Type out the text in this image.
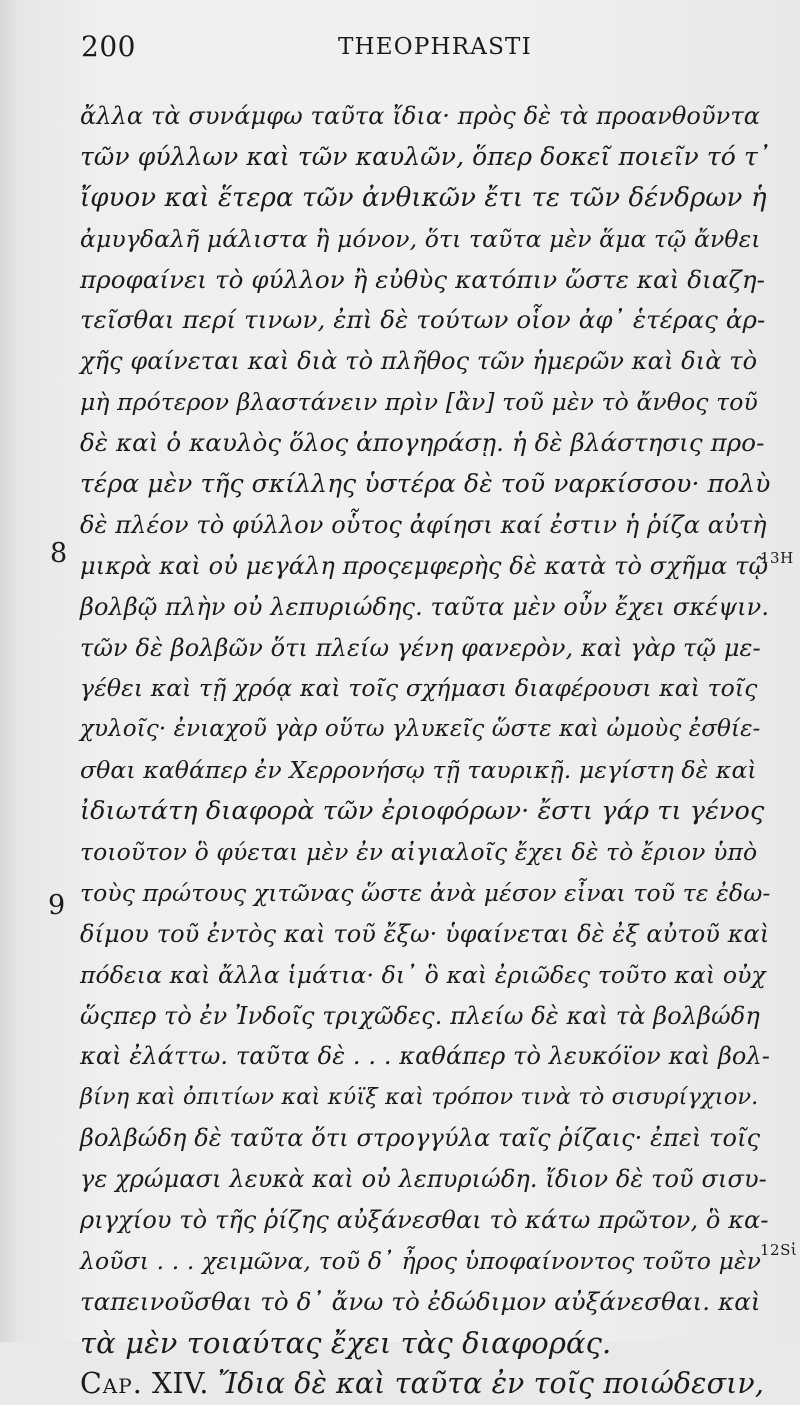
200	THEOPHRASTI
8
9
13H
12Sἱ
ἄλλα τὰ συνάμφω ταῦτα ἴδια· πρὸς δὲ τὰ προανθοῦντα
τῶν φύλλων καὶ τῶν καυλῶν, ὅπερ δοκεῖ ποιεῖν τό τ᾽
ἴφυον καὶ ἕτερα τῶν ἀνθικῶν ἔτι τε τῶν δένδρων ἡ
ἀμυγδαλῆ μάλιστα ἢ μόνον, ὅτι ταῦτα μὲν ἅμα τῷ ἄνθει
προφαίνει τὸ φύλλον ἢ εὐθὺς κατόπιν ὥστε καὶ διαζη-
τεῖσθαι περί τινων, ἐπὶ δὲ τούτων οἷον ἀφ᾽ ἑτέρας ἀρ-
χῆς φαίνεται καὶ διὰ τὸ πλῆθος τῶν ἡμερῶν καὶ διὰ τὸ
μὴ πρότερον βλαστάνειν πρὶν [ἂν] τοῦ μὲν τὸ ἄνθος τοῦ
δὲ καὶ ὁ καυλὸς ὅλος ἀπογηράσῃ. ἡ δὲ βλάστησις προ-
τέρα μὲν τῆς σκίλλης ὑστέρα δὲ τοῦ ναρκίσσου· πολὺ
δὲ πλέον τὸ φύλλον οὗτος ἀφίησι καί ἐστιν ἡ ῥίζα αὐτὴ
μικρὰ καὶ οὐ μεγάλη προςεμφερὴς δὲ κατὰ τὸ σχῆμα τῷ
βολβῷ πλὴν οὐ λεπυριώδης. ταῦτα μὲν οὖν ἔχει σκέψιν.
τῶν δὲ βολβῶν ὅτι πλείω γένη φανερὸν, καὶ γὰρ τῷ με-
γέθει καὶ τῇ χρόᾳ καὶ τοῖς σχήμασι διαφέρουσι καὶ τοῖς
χυλοῖς· ἐνιαχοῦ γὰρ οὕτω γλυκεῖς ὥστε καὶ ὠμοὺς ἐσθίε-
σθαι καθάπερ ἐν Χερρονήσῳ τῇ ταυρικῇ. μεγίστη δὲ καὶ
ἰδιωτάτη διαφορὰ τῶν ἐριοφόρων· ἔστι γάρ τι γένος
τοιοῦτον ὃ φύεται μὲν ἐν αἰγιαλοῖς ἔχει δὲ τὸ ἔριον ὑπὸ
τοὺς πρώτους χιτῶνας ὥστε ἀνὰ μέσον εἶναι τοῦ τε ἐδω-
δίμου τοῦ ἐντὸς καὶ τοῦ ἔξω· ὑφαίνεται δὲ ἐξ αὐτοῦ καὶ
πόδεια καὶ ἄλλα ἱμάτια· δι᾽ ὃ καὶ ἐριῶδες τοῦτο καὶ οὐχ
ὥςπερ τὸ ἐν Ἰνδοῖς τριχῶδες. πλείω δὲ καὶ τὰ βολβώδη
καὶ ἐλάττω. ταῦτα δὲ . . . καθάπερ τὸ λευκόϊον καὶ βολ-
βίνη καὶ ὀπιτίων καὶ κύϊξ καὶ τρόπον τινὰ τὸ σισυρίγχιον.
βολβώδη δὲ ταῦτα ὅτι στρογγύλα ταῖς ῥίζαις· ἐπεὶ τοῖς
γε χρώμασι λευκὰ καὶ οὐ λεπυριώδη. ἴδιον δὲ τοῦ σισυ-
ριγχίου τὸ τῆς ῥίζης αὐξάνεσθαι τὸ κάτω πρῶτον, ὃ κα-
λοῦσι . . . χειμῶνα, τοῦ δ᾽ ἦρος ὑποφαίνοντος τοῦτο μὲν
ταπεινοῦσθαι τὸ δ᾽ ἄνω τὸ ἐδώδιμον αὐξάνεσθαι. καὶ
τὰ μὲν τοιαύτας ἔχει τὰς διαφοράς.
Cap. XIV. Ἴδια δὲ καὶ ταῦτα ἐν τοῖς ποιώδεσιν,
